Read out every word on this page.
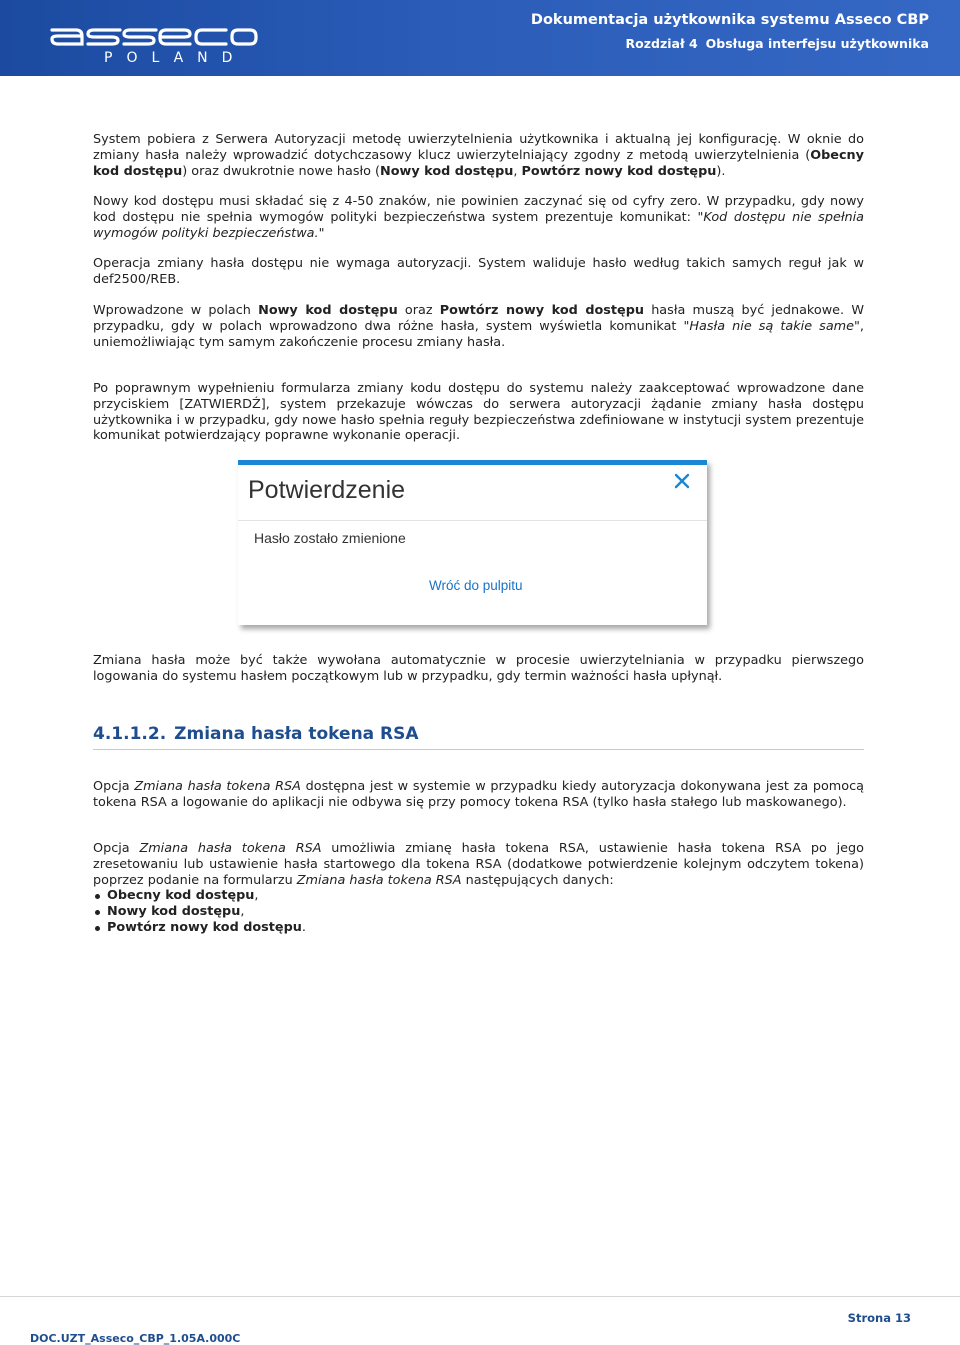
POLAND
Dokumentacja użytkownika systemu Asseco CBP
Rozdział 4 Obsługa interfejsu użytkownika

System pobiera z Serwera Autoryzacji metodę uwierzytelnienia użytkownika i aktualną jej konfigurację. W oknie do zmiany hasła należy wprowadzić dotychczasowy klucz uwierzytelniający zgodny z metodą uwierzytelnienia (Obecny kod dostępu) oraz dwukrotnie nowe hasło (Nowy kod dostępu, Powtórz nowy kod dostępu).

Nowy kod dostępu musi składać się z 4-50 znaków, nie powinien zaczynać się od cyfry zero. W przypadku, gdy nowy kod dostępu nie spełnia wymogów polityki bezpieczeństwa system prezentuje komunikat: "Kod dostępu nie spełnia wymogów polityki bezpieczeństwa."

Operacja zmiany hasła dostępu nie wymaga autoryzacji. System waliduje hasło według takich samych reguł jak w def2500/REB.

Wprowadzone w polach Nowy kod dostępu oraz Powtórz nowy kod dostępu hasła muszą być jednakowe. W przypadku, gdy w polach wprowadzono dwa różne hasła, system wyświetla komunikat "Hasła nie są takie same", uniemożliwiając tym samym zakończenie procesu zmiany hasła.

Po poprawnym wypełnieniu formularza zmiany kodu dostępu do systemu należy zaakceptować wprowadzone dane przyciskiem [ZATWIERDŹ], system przekazuje wówczas do serwera autoryzacji żądanie zmiany hasła dostępu użytkownika i w przypadku, gdy nowe hasło spełnia reguły bezpieczeństwa zdefiniowane w instytucji system prezentuje komunikat potwierdzający poprawne wykonanie operacji.

Potwierdzenie
Hasło zostało zmienione
Wróć do pulpitu

Zmiana hasła może być także wywołana automatycznie w procesie uwierzytelniania w przypadku pierwszego logowania do systemu hasłem początkowym lub w przypadku, gdy termin ważności hasła upłynął.

4.1.1.2. Zmiana hasła tokena RSA

Opcja Zmiana hasła tokena RSA dostępna jest w systemie w przypadku kiedy autoryzacja dokonywana jest za pomocą tokena RSA a logowanie do aplikacji nie odbywa się przy pomocy tokena RSA (tylko hasła stałego lub maskowanego).

Opcja Zmiana hasła tokena RSA umożliwia zmianę hasła tokena RSA, ustawienie hasła tokena RSA po jego zresetowaniu lub ustawienie hasła startowego dla tokena RSA (dodatkowe potwierdzenie kolejnym odczytem tokena) poprzez podanie na formularzu Zmiana hasła tokena RSA następujących danych:

Obecny kod dostępu,
Nowy kod dostępu,
Powtórz nowy kod dostępu.
Strona 13
DOC.UZT_Asseco_CBP_1.05A.000C
